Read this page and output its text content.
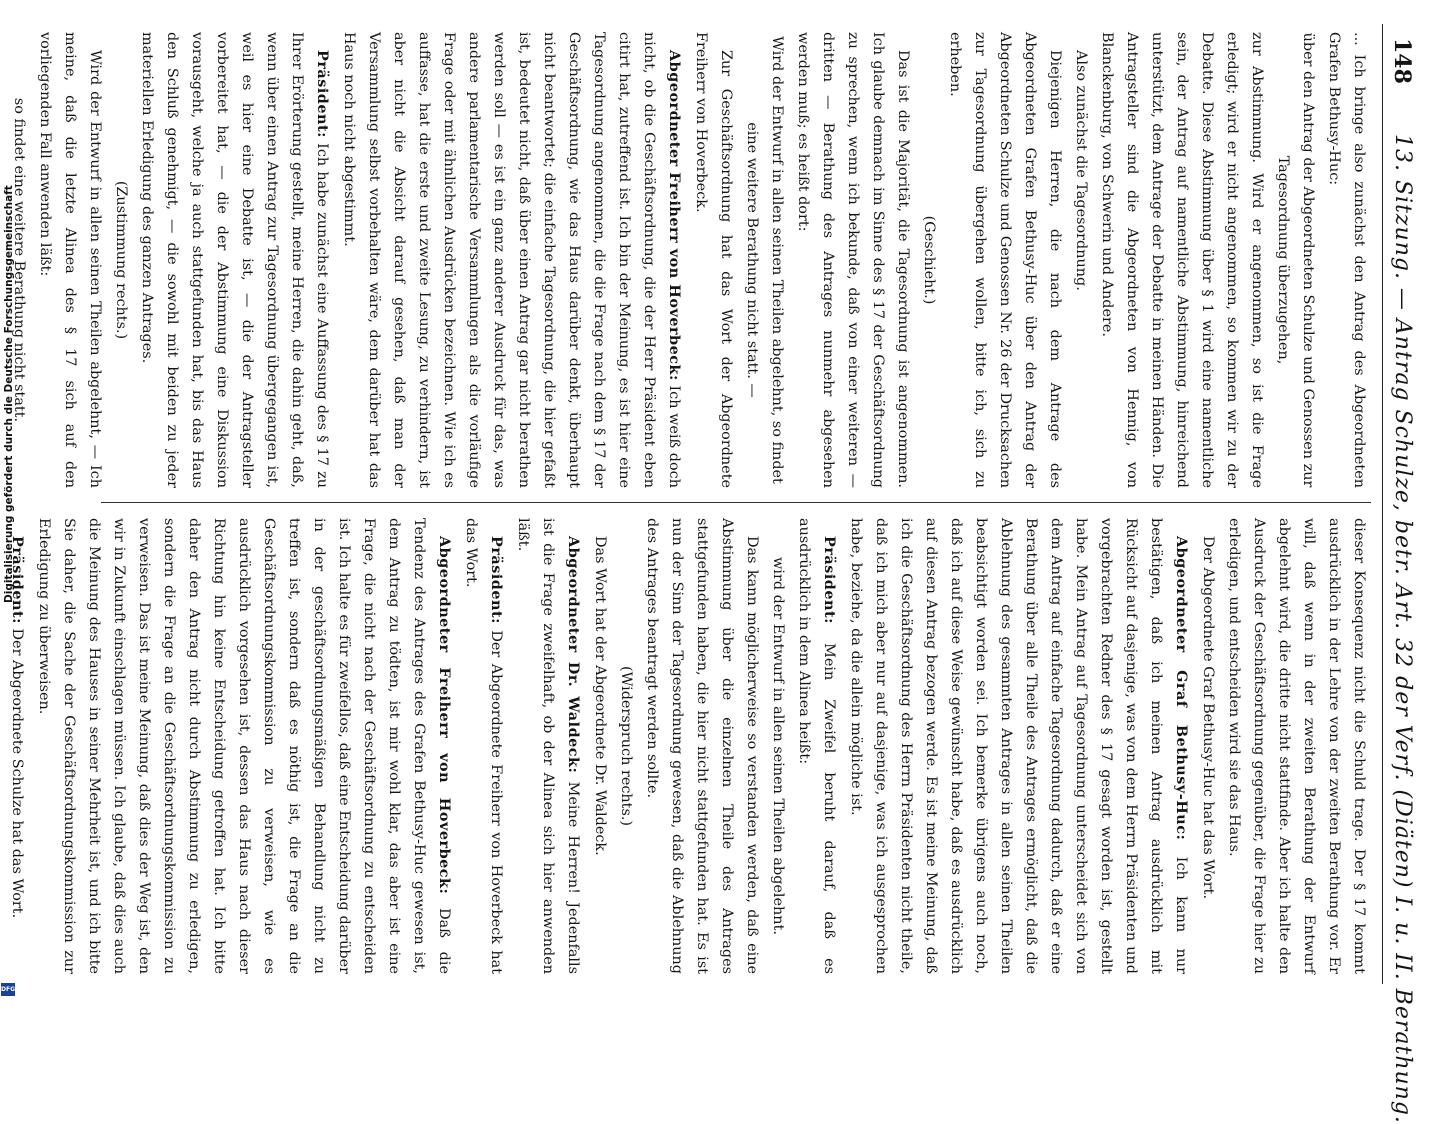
148
13. Sitzung. — Antrag Schulze, betr. Art. 32 der Verf. (Diäten) I. u. II. Berathung.

... Ich bringe also zunächst den Antrag des Abgeordneten Grafen Bethusy-Huc:

über den Antrag der Abgeordneten Schulze und Genossen zur Tagesordnung überzugehen,

zur Abstimmung. Wird er angenommen, so ist die Frage erledigt; wird er nicht angenommen, so kommen wir zu der Debatte. Diese Abstimmung über § 1 wird eine namentliche sein, der Antrag auf namentliche Abstimmung, hinreichend unterstützt, dem Antrage der Debatte in meinen Händen. Die Antragsteller sind die Abgeordneten von Hennig, von Blanckenburg, von Schwerin und Andere.

Also zunächst die Tagesordnung.

Diejenigen Herren, die nach dem Antrage des Abgeordneten Grafen Bethusy-Huc über den Antrag der Abgeordneten Schulze und Genossen Nr. 26 der Drucksachen zur Tagesordnung übergehen wollen, bitte ich, sich zu erheben.

(Geschieht.)

Das ist die Majorität, die Tagesordnung ist angenommen. Ich glaube demnach im Sinne des § 17 der Geschäftsordnung zu sprechen, wenn ich bekunde, daß von einer weiteren — dritten — Berathung des Antrages nunmehr abgesehen werden muß; es heißt dort:

Wird der Entwurf in allen seinen Theilen abgelehnt, so findet eine weitere Berathung nicht statt. —

Zur Geschäftsordnung hat das Wort der Abgeordnete Freiherr von Hoverbeck.

Abgeordneter Freiherr von Hoverbeck: Ich weiß doch nicht, ob die Geschäftsordnung, die der Herr Präsident eben citirt hat, zutreffend ist. Ich bin der Meinung, es ist hier eine Tagesordnung angenommen, die die Frage nach dem § 17 der Geschäftsordnung, wie das Haus darüber denkt, überhaupt nicht beantwortet; die einfache Tagesordnung, die hier gefaßt ist, bedeutet nicht, daß über einen Antrag gar nicht berathen werden soll — es ist ein ganz anderer Ausdruck für das, was andere parlamentarische Versammlungen als die vorläufige Frage oder mit ähnlichen Ausdrücken bezeichnen. Wie ich es auffasse, hat die erste und zweite Lesung, zu verhindern, ist aber nicht die Absicht darauf gesehen, daß man der Versammlung selbst vorbehalten wäre, dem darüber hat das Haus noch nicht abgestimmt.

Präsident: Ich habe zunächst eine Auffassung des § 17 zu Ihrer Erörterung gestellt, meine Herren, die dahin geht, daß, wenn über einen Antrag zur Tagesordnung übergegangen ist, weil es hier eine Debatte ist, — die der Antragsteller vorbereitet hat, — die der Abstimmung eine Diskussion vorausgeht, welche ja auch stattgefunden hat, bis das Haus den Schluß genehmigt, — die sowohl mit beiden zu jeder materiellen Erledigung des ganzen Antrages.

(Zustimmung rechts.)

Wird der Entwurf in allen seinen Theilen abgelehnt, — Ich meine, daß die letzte Alinea des § 17 sich auf den vorliegenden Fall anwenden läßt:

so findet eine weitere Berathung nicht statt.

dieser Konsequenz nicht die Schuld trage. Der § 17 kommt ausdrücklich in der Lehre von der zweiten Berathung vor. Er will, daß wenn in der zweiten Berathung der Entwurf abgelehnt wird, die dritte nicht stattfinde. Aber ich halte den Ausdruck der Geschäftsordnung gegenüber, die Frage hier zu erledigen, und entscheiden wird sie das Haus.

Der Abgeordnete Graf Bethusy-Huc hat das Wort.

Abgeordneter Graf Bethusy-Huc: Ich kann nur bestätigen, daß ich meinen Antrag ausdrücklich mit Rücksicht auf dasjenige, was von dem Herrn Präsidenten und vorgebrachten Redner des § 17 gesagt worden ist, gestellt habe. Mein Antrag auf Tagesordnung unterscheidet sich von dem Antrag auf einfache Tagesordnung dadurch, daß er eine Berathung über alle Theile des Antrages ermöglicht, daß die Ablehnung des gesammten Antrages in allen seinen Theilen beabsichtigt worden sei. Ich bemerke übrigens auch noch, daß ich auf diese Weise gewünscht habe, daß es ausdrücklich auf diesen Antrag bezogen werde. Es ist meine Meinung, daß ich die Geschäftsordnung des Herrn Präsidenten nicht theile, daß ich mich aber nur auf dasjenige, was ich ausgesprochen habe, beziehe, da die allein mögliche ist.

Präsident: Mein Zweifel beruht darauf, daß es ausdrücklich in dem Alinea heißt:

wird der Entwurf in allen seinen Theilen abgelehnt.

Das kann möglicherweise so verstanden werden, daß eine Abstimmung über die einzelnen Theile des Antrages stattgefunden haben, die hier nicht stattgefunden hat. Es ist nun der Sinn der Tagesordnung gewesen, daß die Ablehnung des Antrages beantragt werden sollte.

(Widerspruch rechts.)

Das Wort hat der Abgeordnete Dr. Waldeck.

Abgeordneter Dr. Waldeck: Meine Herren! Jedenfalls ist die Frage zweifelhaft, ob der Alinea sich hier anwenden läßt.

Präsident: Der Abgeordnete Freiherr von Hoverbeck hat das Wort.

Abgeordneter Freiherr von Hoverbeck: Daß die Tendenz des Antrages des Grafen Bethusy-Huc gewesen ist, dem Antrag zu tödten, ist mir wohl klar, das aber ist eine Frage, die nicht nach der Geschäftsordnung zu entscheiden ist. Ich halte es für zweifellos, daß eine Entscheidung darüber in der geschäftsordnungsmäßigen Behandlung nicht zu treffen ist, sondern daß es nöthig ist, die Frage an die Geschäftsordnungskommission zu verweisen, wie es ausdrücklich vorgesehen ist, dessen das Haus nach dieser Richtung hin keine Entscheidung getroffen hat. Ich bitte daher den Antrag nicht durch Abstimmung zu erledigen, sondern die Frage an die Geschäftsordnungskommission zu verweisen. Das ist meine Meinung, daß dies der Weg ist, den wir in Zukunft einschlagen müssen. Ich glaube, daß dies auch die Meinung des Hauses in seiner Mehrheit ist, und ich bitte Sie daher, die Sache der Geschäftsordnungskommission zur Erledigung zu überweisen.

Präsident: Der Abgeordnete Schulze hat das Wort.

Digitalisierung gefördert durch die Deutsche Forschungsgemeinschaft
DFG
